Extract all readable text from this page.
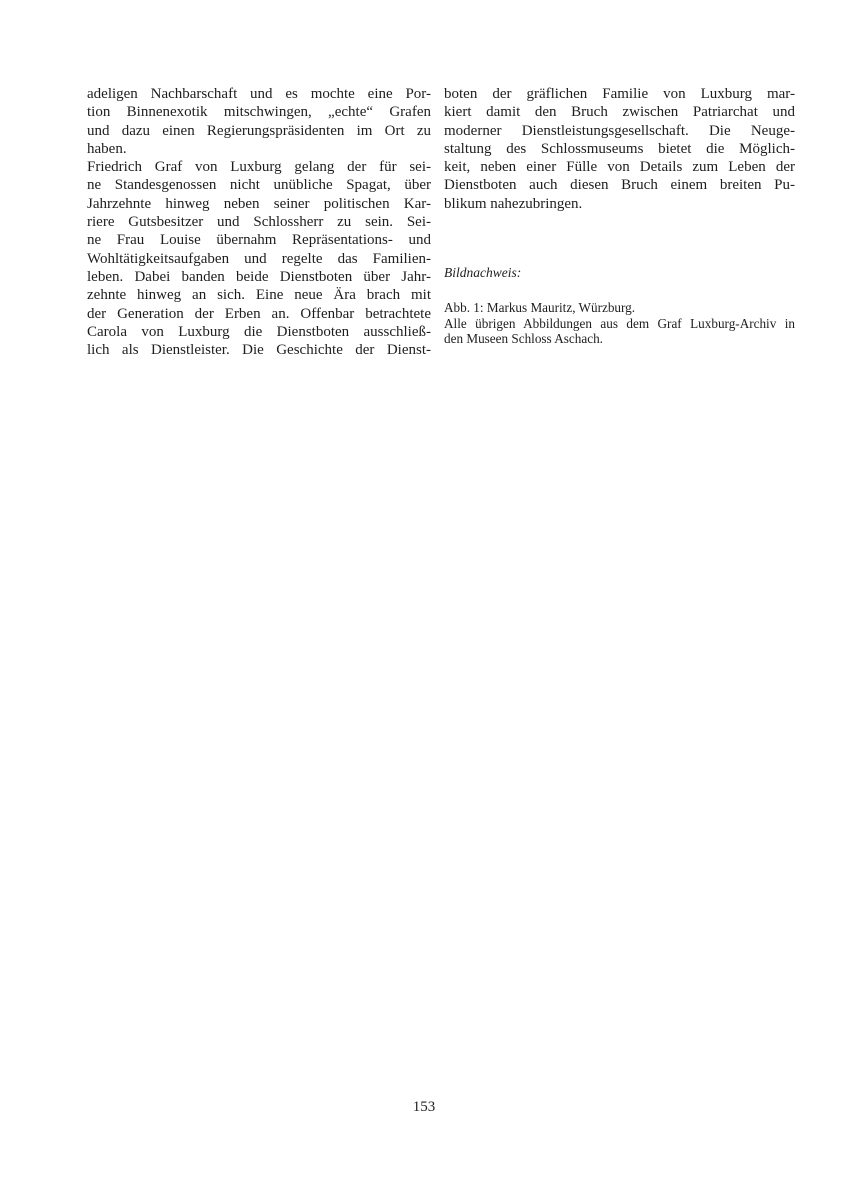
adeligen Nachbarschaft und es mochte eine Por-
tion Binnenexotik mitschwingen, „echte“ Grafen
und dazu einen Regierungspräsidenten im Ort zu
haben.
Friedrich Graf von Luxburg gelang der für sei-
ne Standesgenossen nicht unübliche Spagat, über
Jahrzehnte hinweg neben seiner politischen Kar-
riere Gutsbesitzer und Schlossherr zu sein. Sei-
ne Frau Louise übernahm Repräsentations- und
Wohltätigkeitsaufgaben und regelte das Familien-
leben. Dabei banden beide Dienstboten über Jahr-
zehnte hinweg an sich. Eine neue Ära brach mit
der Generation der Erben an. Offenbar betrachtete
Carola von Luxburg die Dienstboten ausschließ-
lich als Dienstleister. Die Geschichte der Dienst-
boten der gräflichen Familie von Luxburg mar-
kiert damit den Bruch zwischen Patriarchat und
moderner Dienstleistungsgesellschaft. Die Neuge-
staltung des Schlossmuseums bietet die Möglich-
keit, neben einer Fülle von Details zum Leben der
Dienstboten auch diesen Bruch einem breiten Pu-
blikum nahezubringen.
Bildnachweis:
Abb. 1: Markus Mauritz, Würzburg.
Alle übrigen Abbildungen aus dem Graf Luxburg-Archiv in
den Museen Schloss Aschach.
153
